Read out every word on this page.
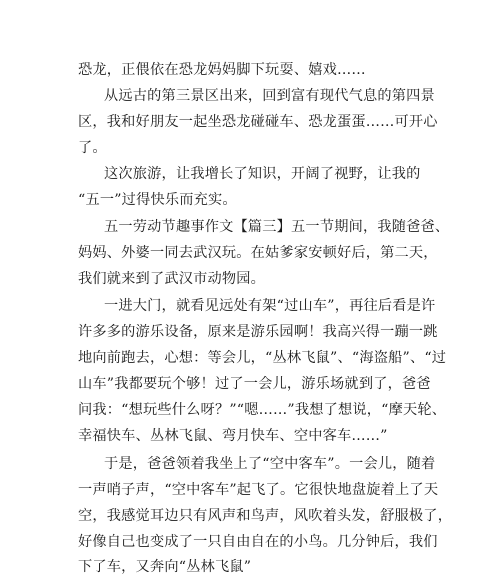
恐龙，正偎依在恐龙妈妈脚下玩耍、嬉戏……
从远古的第三景区出来，回到富有现代气息的第四景
区，我和好朋友一起坐恐龙碰碰车、恐龙蛋蛋……可开心
了。
这次旅游，让我增长了知识，开阔了视野，让我的
“五一”过得快乐而充实。
五一劳动节趣事作文【篇三】五一节期间，我随爸爸、
妈妈、外婆一同去武汉玩。在姑爹家安顿好后，第二天，
我们就来到了武汉市动物园。
一进大门，就看见远处有架“过山车”，再往后看是许
许多多的游乐设备，原来是游乐园啊！我高兴得一蹦一跳
地向前跑去，心想：等会儿，“丛林飞鼠”、“海盗船”、“过
山车”我都要玩个够！过了一会儿，游乐场就到了，爸爸
问我：“想玩些什么呀？”“嗯……”我想了想说，“摩天轮、
幸福快车、丛林飞鼠、弯月快车、空中客车……”
于是，爸爸领着我坐上了“空中客车”。一会儿，随着
一声哨子声，“空中客车”起飞了。它很快地盘旋着上了天
空，我感觉耳边只有风声和鸟声，风吹着头发，舒服极了，
好像自己也变成了一只自由自在的小鸟。几分钟后，我们
下了车，又奔向“丛林飞鼠”
